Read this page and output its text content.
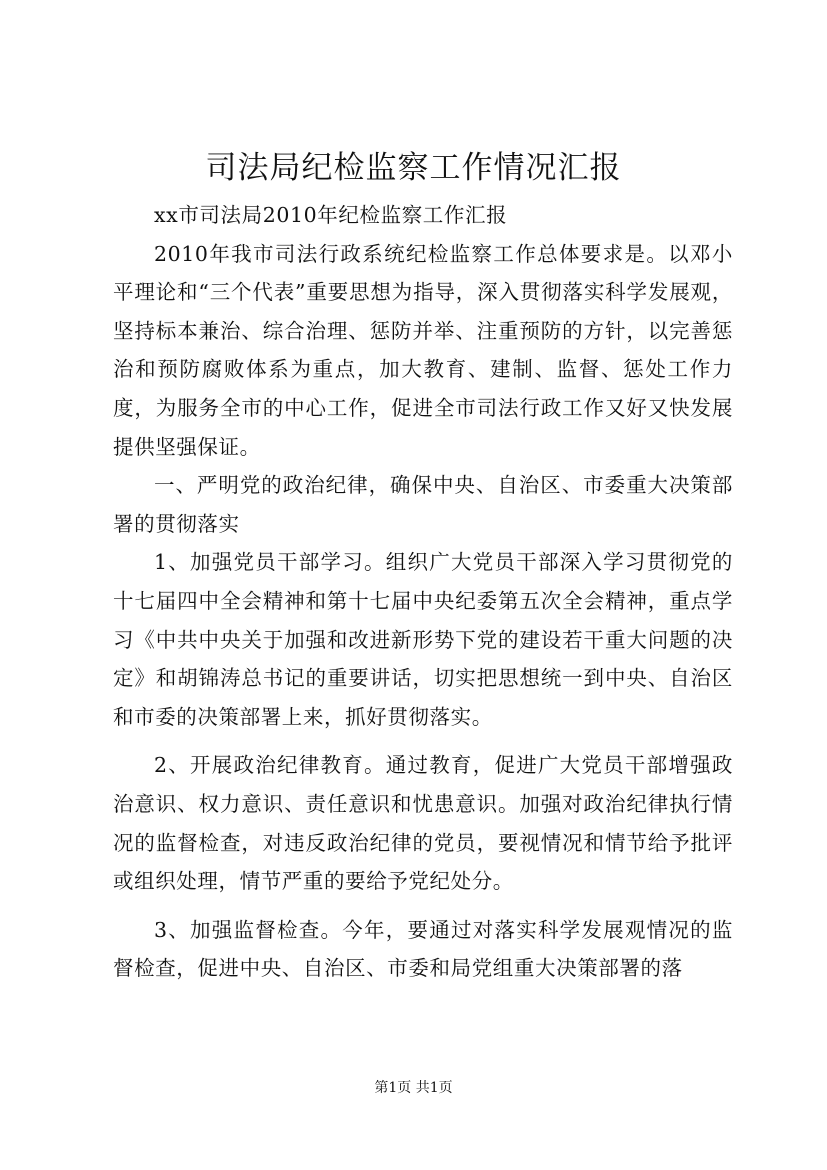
司法局纪检监察工作情况汇报

xx市司法局2010年纪检监察工作汇报

2010年我市司法行政系统纪检监察工作总体要求是。以邓小平理论和“三个代表”重要思想为指导，深入贯彻落实科学发展观，坚持标本兼治、综合治理、惩防并举、注重预防的方针，以完善惩治和预防腐败体系为重点，加大教育、建制、监督、惩处工作力度，为服务全市的中心工作，促进全市司法行政工作又好又快发展提供坚强保证。

一、严明党的政治纪律，确保中央、自治区、市委重大决策部署的贯彻落实

1、加强党员干部学习。组织广大党员干部深入学习贯彻党的十七届四中全会精神和第十七届中央纪委第五次全会精神，重点学习《中共中央关于加强和改进新形势下党的建设若干重大问题的决定》和胡锦涛总书记的重要讲话，切实把思想统一到中央、自治区和市委的决策部署上来，抓好贯彻落实。

2、开展政治纪律教育。通过教育，促进广大党员干部增强政治意识、权力意识、责任意识和忧患意识。加强对政治纪律执行情况的监督检查，对违反政治纪律的党员，要视情况和情节给予批评或组织处理，情节严重的要给予党纪处分。

3、加强监督检查。今年，要通过对落实科学发展观情况的监督检查，促进中央、自治区、市委和局党组重大决策部署的落

第1页 共1页
